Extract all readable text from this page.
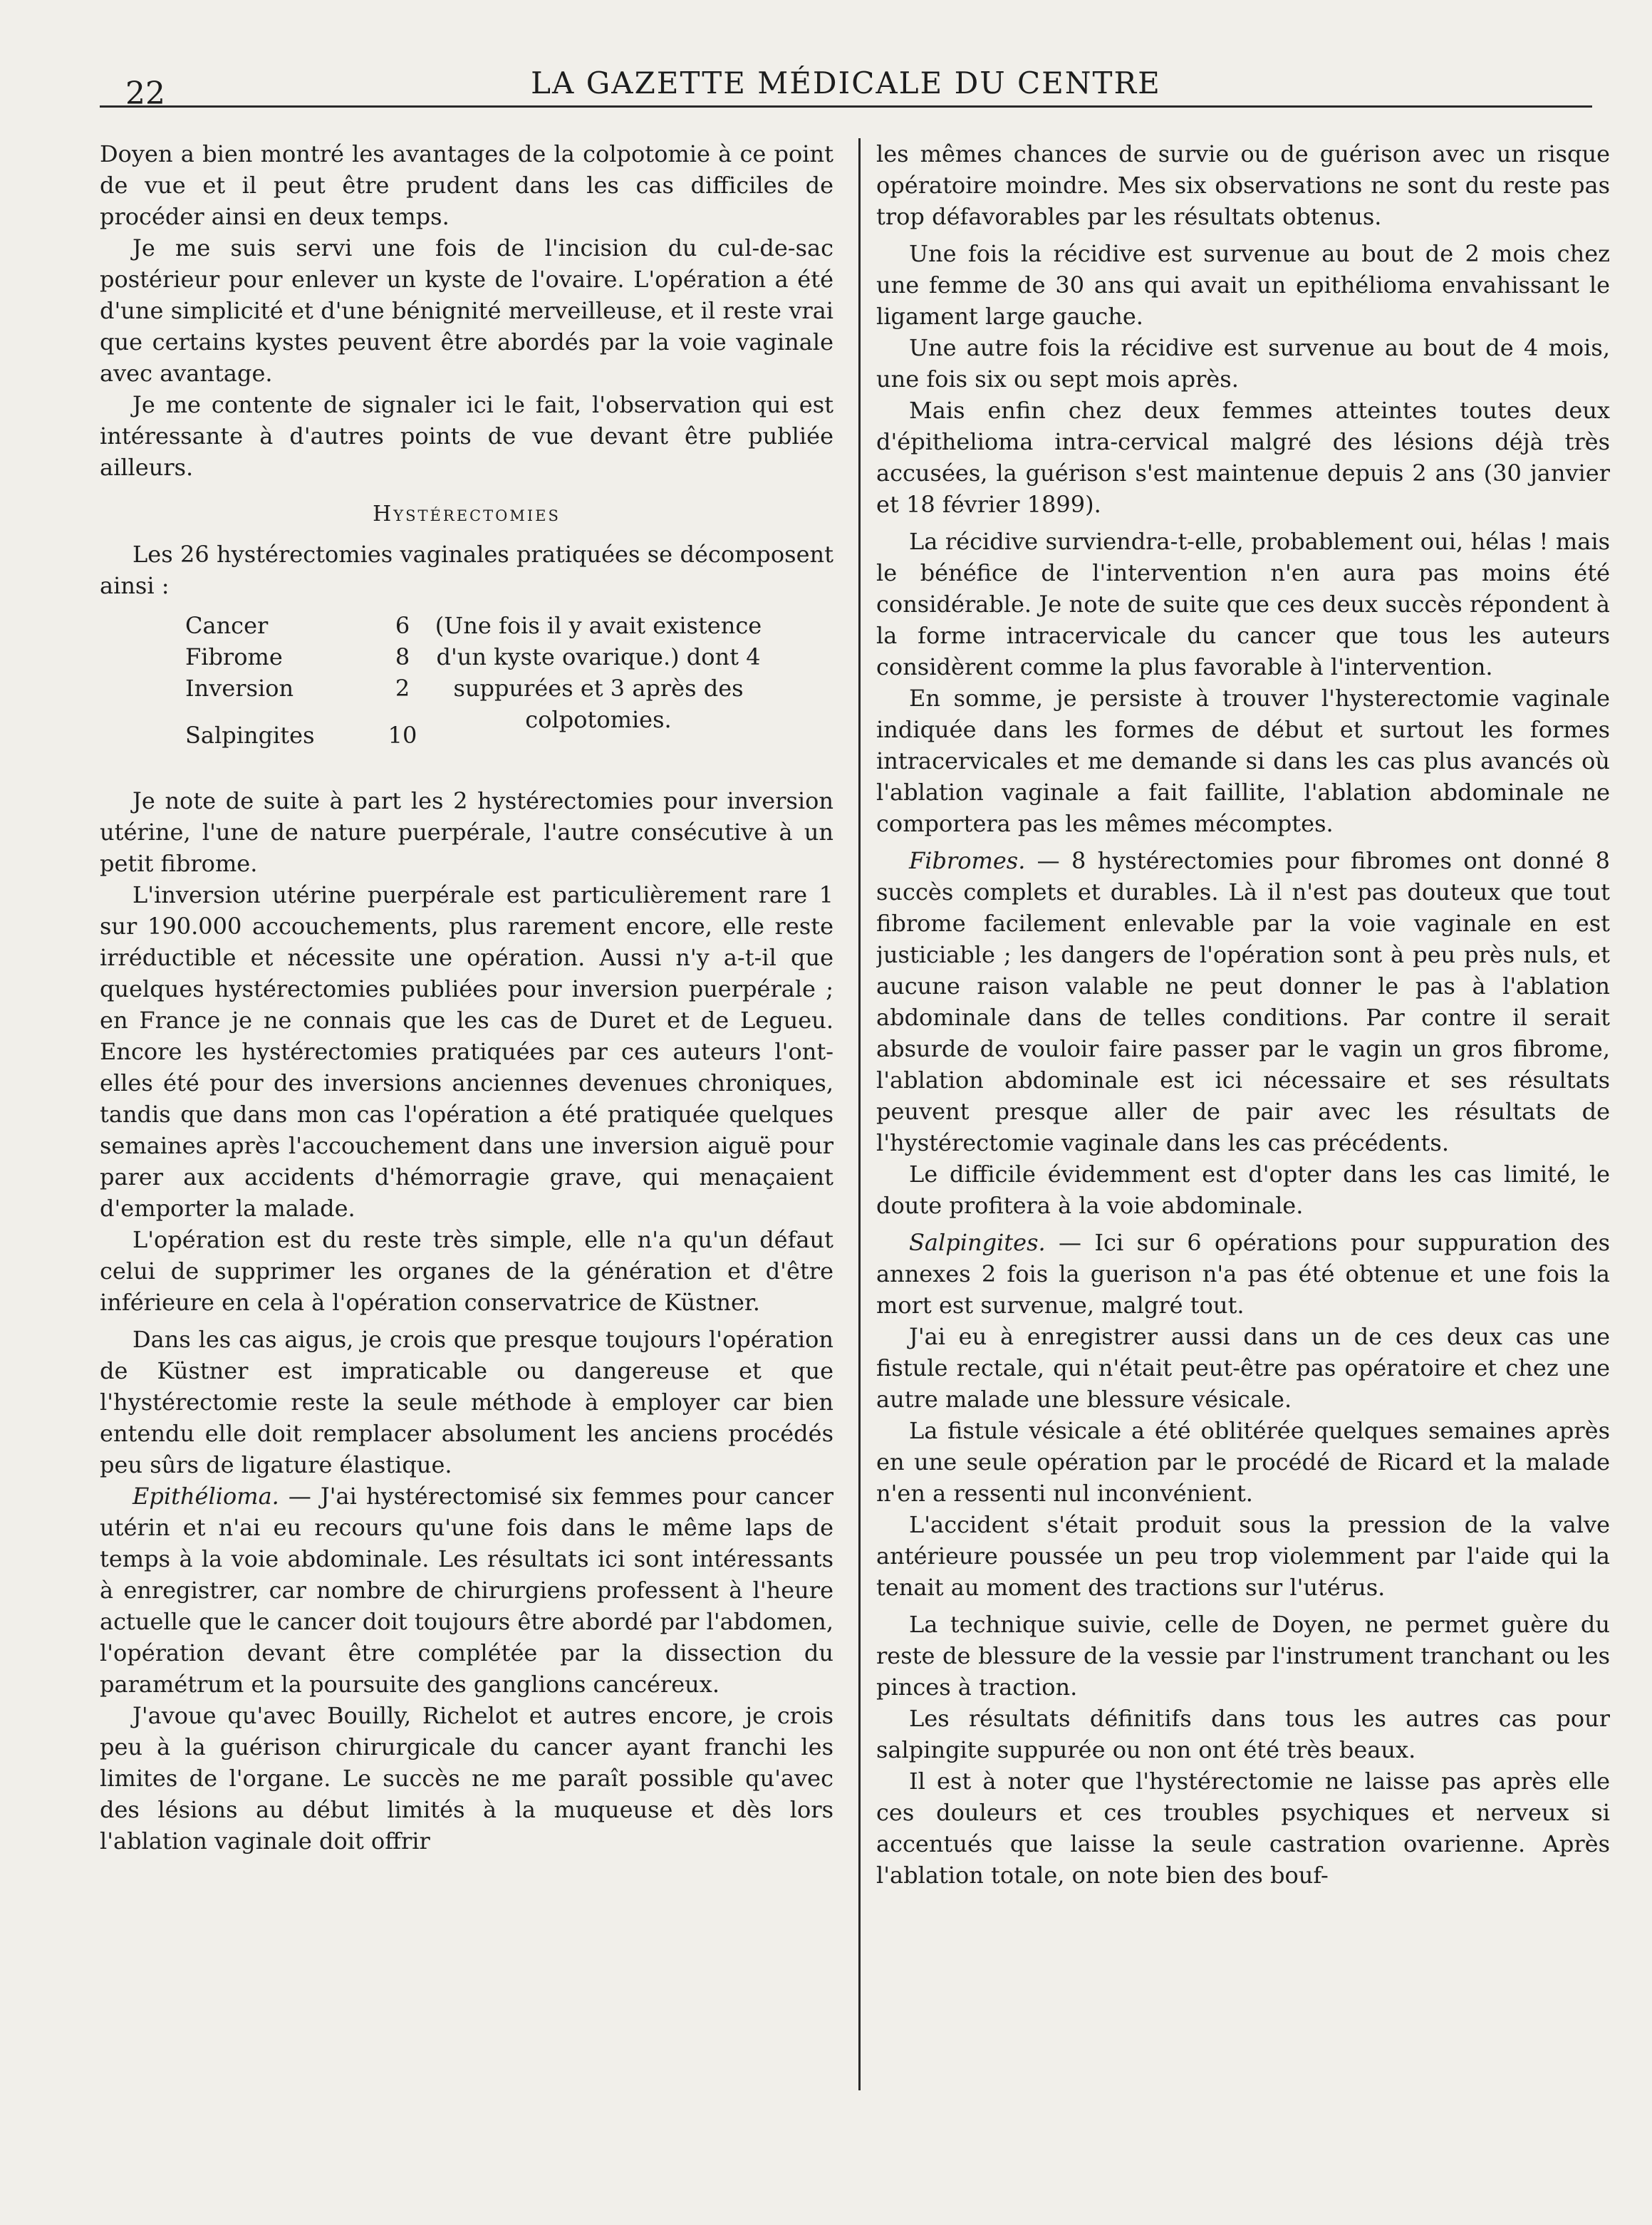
22	LA GAZETTE MÉDICALE DU CENTRE

Doyen a bien montré les avantages de la colpotomie à ce point de vue et il peut être prudent dans les cas difficiles de procéder ainsi en deux temps.

Je me suis servi une fois de l'incision du cul-de-sac postérieur pour enlever un kyste de l'ovaire. L'opération a été d'une simplicité et d'une bénignité merveilleuse, et il reste vrai que certains kystes peuvent être abordés par la voie vaginale avec avantage.

Je me contente de signaler ici le fait, l'observation qui est intéressante à d'autres points de vue devant être publiée ailleurs.

Hystérectomies

Les 26 hystérectomies vaginales pratiquées se décomposent ainsi :

Cancer	6
Fibrome	8
Inversion	2
Salpingites	10
(Une fois il y avait existence d'un kyste ovarique.) dont 4 suppurées et 3 après des colpotomies.

Je note de suite à part les 2 hystérectomies pour inversion utérine, l'une de nature puerpérale, l'autre consécutive à un petit fibrome.

L'inversion utérine puerpérale est particulièrement rare 1 sur 190.000 accouchements, plus rarement encore, elle reste irréductible et nécessite une opération. Aussi n'y a-t-il que quelques hystérectomies publiées pour inversion puerpérale ; en France je ne connais que les cas de Duret et de Legueu. Encore les hystérectomies pratiquées par ces auteurs l'ont-elles été pour des inversions anciennes devenues chroniques, tandis que dans mon cas l'opération a été pratiquée quelques semaines après l'accouchement dans une inversion aiguë pour parer aux accidents d'hémorragie grave, qui menaçaient d'emporter la malade.

L'opération est du reste très simple, elle n'a qu'un défaut celui de supprimer les organes de la génération et d'être inférieure en cela à l'opération conservatrice de Küstner.

Dans les cas aigus, je crois que presque toujours l'opération de Küstner est impraticable ou dangereuse et que l'hystérectomie reste la seule méthode à employer car bien entendu elle doit remplacer absolument les anciens procédés peu sûrs de ligature élastique.

Epithélioma. — J'ai hystérectomisé six femmes pour cancer utérin et n'ai eu recours qu'une fois dans le même laps de temps à la voie abdominale. Les résultats ici sont intéressants à enregistrer, car nombre de chirurgiens professent à l'heure actuelle que le cancer doit toujours être abordé par l'abdomen, l'opération devant être complétée par la dissection du paramétrum et la poursuite des ganglions cancéreux.

J'avoue qu'avec Bouilly, Richelot et autres encore, je crois peu à la guérison chirurgicale du cancer ayant franchi les limites de l'organe. Le succès ne me paraît possible qu'avec des lésions au début limités à la muqueuse et dès lors l'ablation vaginale doit offrir

les mêmes chances de survie ou de guérison avec un risque opératoire moindre. Mes six observations ne sont du reste pas trop défavorables par les résultats obtenus.

Une fois la récidive est survenue au bout de 2 mois chez une femme de 30 ans qui avait un epithélioma envahissant le ligament large gauche.

Une autre fois la récidive est survenue au bout de 4 mois, une fois six ou sept mois après.

Mais enfin chez deux femmes atteintes toutes deux d'épithelioma intra-cervical malgré des lésions déjà très accusées, la guérison s'est maintenue depuis 2 ans (30 janvier et 18 février 1899).

La récidive surviendra-t-elle, probablement oui, hélas ! mais le bénéfice de l'intervention n'en aura pas moins été considérable. Je note de suite que ces deux succès répondent à la forme intracervicale du cancer que tous les auteurs considèrent comme la plus favorable à l'intervention.

En somme, je persiste à trouver l'hysterectomie vaginale indiquée dans les formes de début et surtout les formes intracervicales et me demande si dans les cas plus avancés où l'ablation vaginale a fait faillite, l'ablation abdominale ne comportera pas les mêmes mécomptes.

Fibromes. — 8 hystérectomies pour fibromes ont donné 8 succès complets et durables. Là il n'est pas douteux que tout fibrome facilement enlevable par la voie vaginale en est justiciable ; les dangers de l'opération sont à peu près nuls, et aucune raison valable ne peut donner le pas à l'ablation abdominale dans de telles conditions. Par contre il serait absurde de vouloir faire passer par le vagin un gros fibrome, l'ablation abdominale est ici nécessaire et ses résultats peuvent presque aller de pair avec les résultats de l'hystérectomie vaginale dans les cas précédents.

Le difficile évidemment est d'opter dans les cas limité, le doute profitera à la voie abdominale.

Salpingites. — Ici sur 6 opérations pour suppuration des annexes 2 fois la guerison n'a pas été obtenue et une fois la mort est survenue, malgré tout.

J'ai eu à enregistrer aussi dans un de ces deux cas une fistule rectale, qui n'était peut-être pas opératoire et chez une autre malade une blessure vésicale.

La fistule vésicale a été oblitérée quelques semaines après en une seule opération par le procédé de Ricard et la malade n'en a ressenti nul inconvénient.

L'accident s'était produit sous la pression de la valve antérieure poussée un peu trop violemment par l'aide qui la tenait au moment des tractions sur l'utérus.

La technique suivie, celle de Doyen, ne permet guère du reste de blessure de la vessie par l'instrument tranchant ou les pinces à traction.

Les résultats définitifs dans tous les autres cas pour salpingite suppurée ou non ont été très beaux.

Il est à noter que l'hystérectomie ne laisse pas après elle ces douleurs et ces troubles psychiques et nerveux si accentués que laisse la seule castration ovarienne. Après l'ablation totale, on note bien des bouf-
